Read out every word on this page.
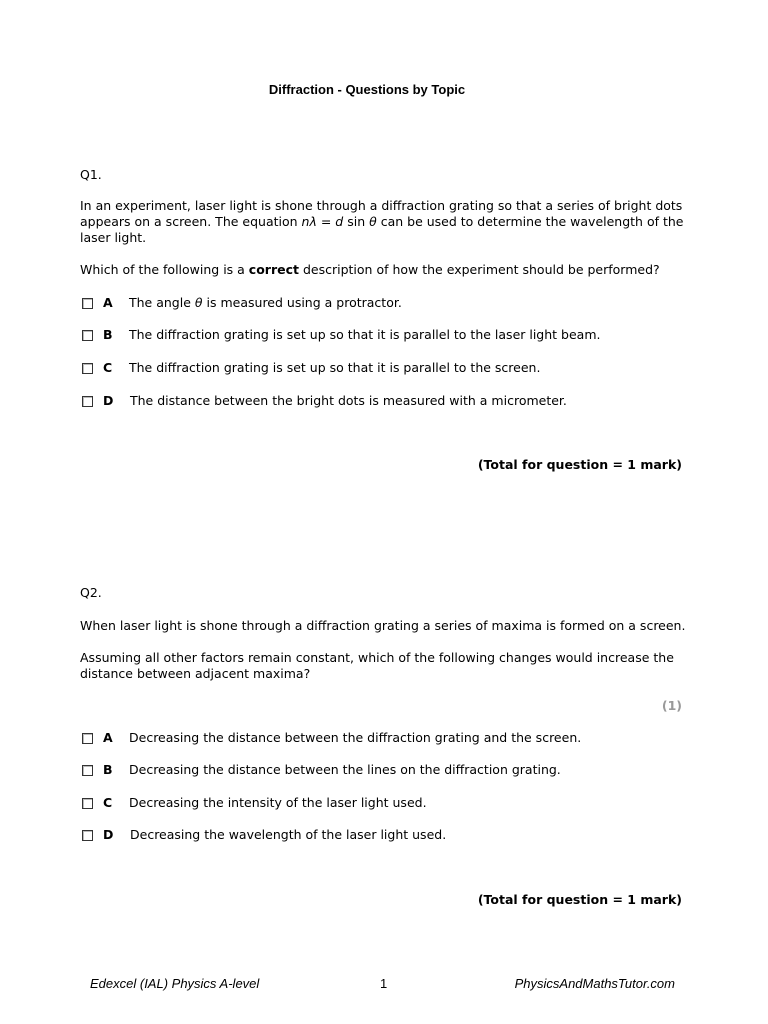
Diffraction - Questions by Topic
Q1.
In an experiment, laser light is shone through a diffraction grating so that a series of bright dots appears on a screen. The equation nλ = d sin θ can be used to determine the wavelength of the laser light.
Which of the following is a correct description of how the experiment should be performed?
A The angle θ is measured using a protractor.
B The diffraction grating is set up so that it is parallel to the laser light beam.
C The diffraction grating is set up so that it is parallel to the screen.
D The distance between the bright dots is measured with a micrometer.
(Total for question = 1 mark)
Q2.
When laser light is shone through a diffraction grating a series of maxima is formed on a screen.
Assuming all other factors remain constant, which of the following changes would increase the distance between adjacent maxima?
(1)
A Decreasing the distance between the diffraction grating and the screen.
B Decreasing the distance between the lines on the diffraction grating.
C Decreasing the intensity of the laser light used.
D Decreasing the wavelength of the laser light used.
(Total for question = 1 mark)
Edexcel (IAL) Physics A-level	1	PhysicsAndMathsTutor.com
